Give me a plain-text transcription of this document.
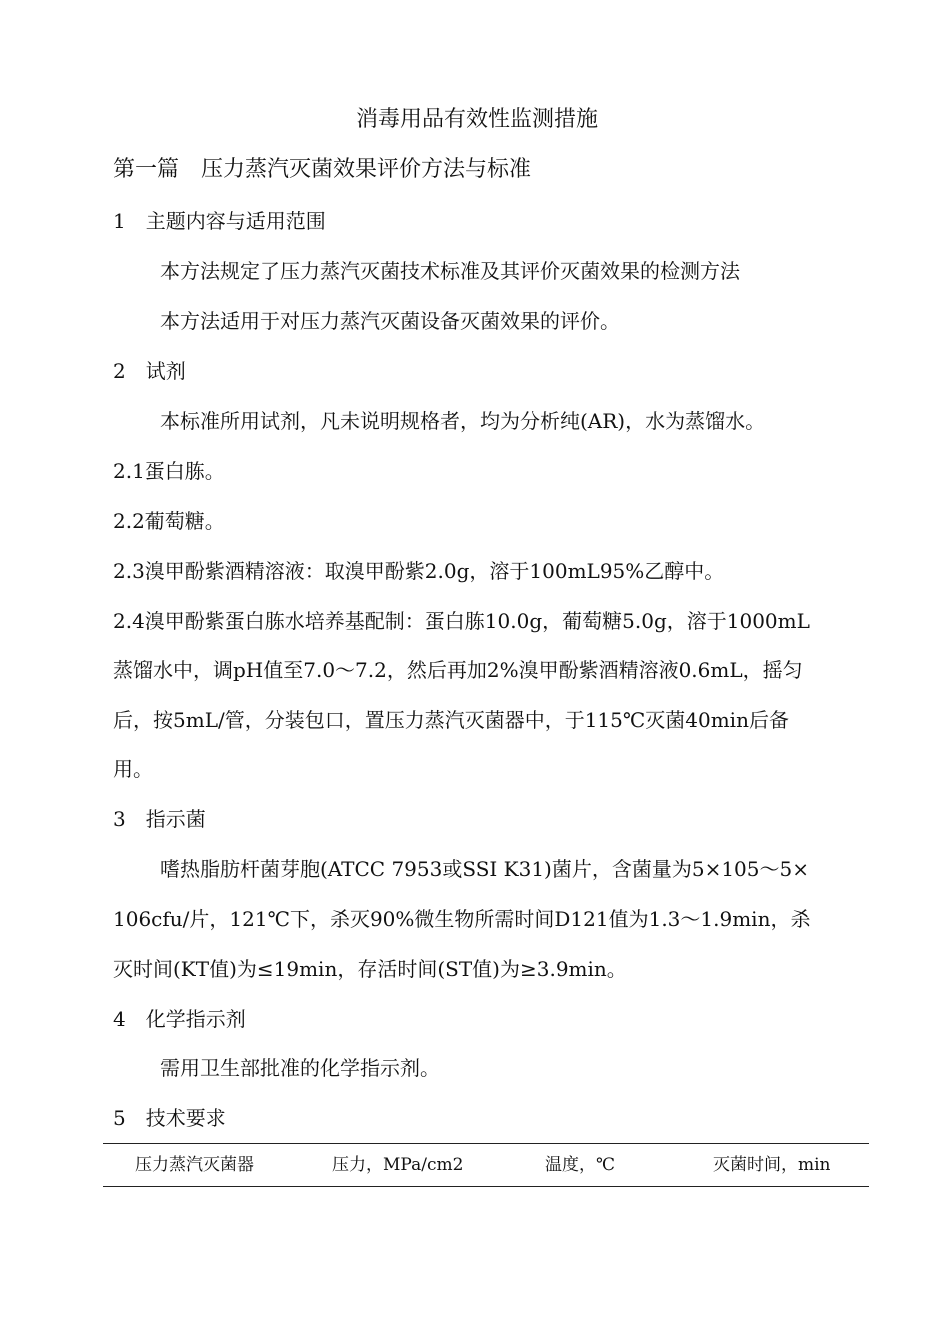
消毒用品有效性监测措施
第一篇　压力蒸汽灭菌效果评价方法与标准
1　主题内容与适用范围
本方法规定了压力蒸汽灭菌技术标准及其评价灭菌效果的检测方法
本方法适用于对压力蒸汽灭菌设备灭菌效果的评价。
2　试剂
本标准所用试剂，凡未说明规格者，均为分析纯(AR)，水为蒸馏水。
2.1蛋白胨。
2.2葡萄糖。
2.3溴甲酚紫酒精溶液：取溴甲酚紫2.0g，溶于100mL95%乙醇中。
2.4溴甲酚紫蛋白胨水培养基配制：蛋白胨10.0g，葡萄糖5.0g，溶于1000mL
蒸馏水中，调pH值至7.0～7.2，然后再加2%溴甲酚紫酒精溶液0.6mL，摇匀
后，按5mL/管，分装包口，置压力蒸汽灭菌器中，于115℃灭菌40min后备
用。
3　指示菌
嗜热脂肪杆菌芽胞(ATCC 7953或SSI K31)菌片，含菌量为5×105～5×
106cfu/片，121℃下，杀灭90%微生物所需时间D121值为1.3～1.9min，杀
灭时间(KT值)为≤19min，存活时间(ST值)为≥3.9min。
4　化学指示剂
需用卫生部批准的化学指示剂。
5　技术要求
压力蒸汽灭菌器	压力，MPa/cm2	温度，℃	灭菌时间，min
